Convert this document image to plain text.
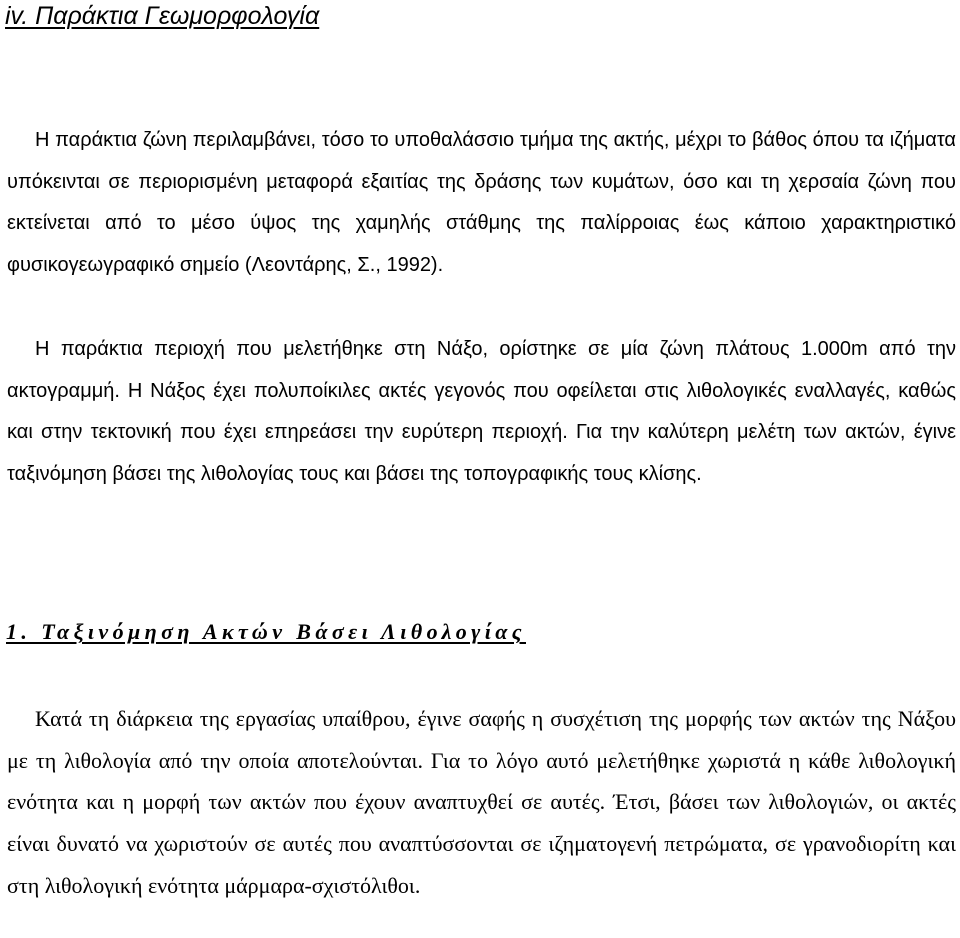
iv. Παράκτια Γεωμορφολογία

Η παράκτια ζώνη περιλαμβάνει, τόσο το υποθαλάσσιο τμήμα της ακτής, μέχρι το βάθος όπου τα ιζήματα υπόκεινται σε περιορισμένη μεταφορά εξαιτίας της δράσης των κυμάτων, όσο και τη χερσαία ζώνη που εκτείνεται από το μέσο ύψος της χαμηλής στάθμης της παλίρροιας έως κάποιο χαρακτηριστικό φυσικογεωγραφικό σημείο (Λεοντάρης, Σ., 1992).

Η παράκτια περιοχή που μελετήθηκε στη Νάξο, ορίστηκε σε μία ζώνη πλάτους 1.000m από την ακτογραμμή. Η Νάξος έχει πολυποίκιλες ακτές γεγονός που οφείλεται στις λιθολογικές εναλλαγές, καθώς και στην τεκτονική που έχει επηρεάσει την ευρύτερη περιοχή. Για την καλύτερη μελέτη των ακτών, έγινε ταξινόμηση βάσει της λιθολογίας τους και βάσει της τοπογραφικής τους κλίσης.

1. Ταξινόμηση Ακτών Βάσει Λιθολογίας

Κατά τη διάρκεια της εργασίας υπαίθρου, έγινε σαφής η συσχέτιση της μορφής των ακτών της Νάξου με τη λιθολογία από την οποία αποτελούνται. Για το λόγο αυτό μελετήθηκε χωριστά η κάθε λιθολογική ενότητα και η μορφή των ακτών που έχουν αναπτυχθεί σε αυτές. Έτσι, βάσει των λιθολογιών, οι ακτές είναι δυνατό να χωριστούν σε αυτές που αναπτύσσονται σε ιζηματογενή πετρώματα, σε γρανοδιορίτη και στη λιθολογική ενότητα μάρμαρα-σχιστόλιθοι.
